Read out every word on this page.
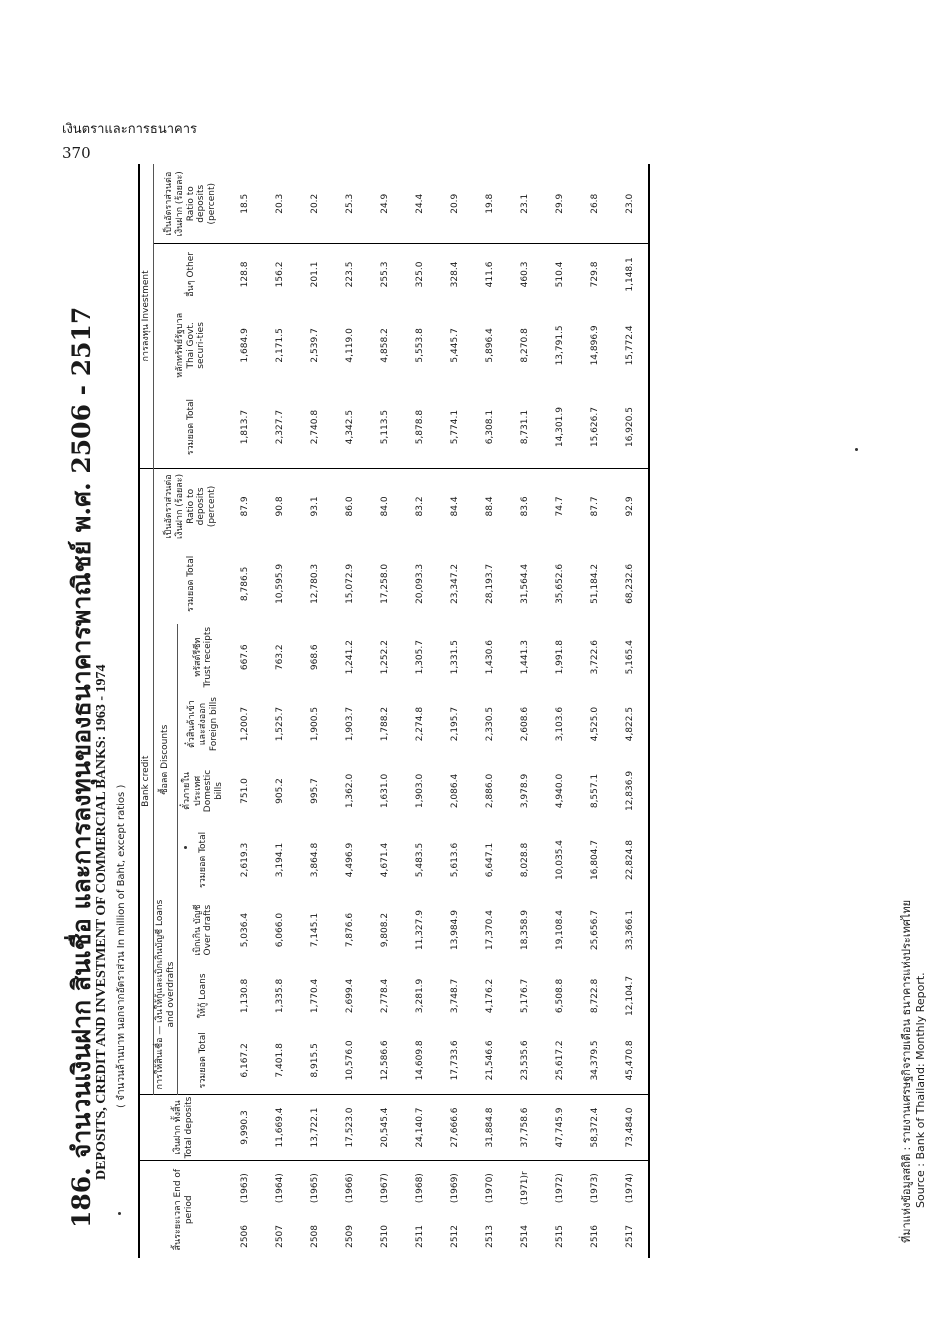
เงินตราและการธนาคาร
370
186. จำนวนเงินฝาก สินเชื่อ และการลงทุนของธนาคารพาณิชย์ พ.ศ. 2506 - 2517
DEPOSITS, CREDIT AND INVESTMENT OF COMMERCIAL BANKS: 1963 - 1974 ( จำนวนล้านบาท นอกจากอัตราส่วน In million of Baht, except ratios )
สิ้นระยะเวลา End of period		เงินฝาก ทั้งสิ้น Total deposits	Bank credit									การลงทุน Investment			
			การให้สินเชื่อ — เงินให้กู้และเบิกเกินบัญชี Loans and overdrafts			ซื้อลด Discounts				รวมยอด Total	เป็นอัตราส่วนต่อเงินฝาก (ร้อยละ) Ratio to deposits (percent)	รวมยอด Total	หลักทรัพย์รัฐบาล Thai Govt. securi-ties	อื่นๆ Other	เป็นอัตราส่วนต่อเงินฝาก (ร้อยละ) Ratio to deposits (percent)
			รวมยอด Total	ให้กู้ Loans	เบิกเกิน บัญชี Over drafts	รวมยอด Total	ตั๋วภายใน ประเทศ Domestic bills	ตั๋วสินค้าเข้า และส่งออก Foreign bills	ทรัสต์รีซีท Trust receipts						
2506	(1963)	9,990.3	6,167.2	1,130.8	5,036.4	2,619.3	751.0	1,200.7	667.6	8,786.5	87.9	1,813.7	1,684.9	128.8	18.5
2507	(1964)	11,669.4	7,401.8	1,335.8	6,066.0	3,194.1	905.2	1,525.7	763.2	10,595.9	90.8	2,327.7	2,171.5	156.2	20.3
2508	(1965)	13,722.1	8,915.5	1,770.4	7,145.1	3,864.8	995.7	1,900.5	968.6	12,780.3	93.1	2,740.8	2,539.7	201.1	20.2
2509	(1966)	17,523.0	10,576.0	2,699.4	7,876.6	4,496.9	1,362.0	1,903.7	1,241.2	15,072.9	86.0	4,342.5	4,119.0	223.5	25.3
2510	(1967)	20,545.4	12,586.6	2,778.4	9,808.2	4,671.4	1,631.0	1,788.2	1,252.2	17,258.0	84.0	5,113.5	4,858.2	255.3	24.9
2511	(1968)	24,140.7	14,609.8	3,281.9	11,327.9	5,483.5	1,903.0	2,274.8	1,305.7	20,093.3	83.2	5,878.8	5,553.8	325.0	24.4
2512	(1969)	27,666.6	17,733.6	3,748.7	13,984.9	5,613.6	2,086.4	2,195.7	1,331.5	23,347.2	84.4	5,774.1	5,445.7	328.4	20.9
2513	(1970)	31,884.8	21,546.6	4,176.2	17,370.4	6,647.1	2,886.0	2,330.5	1,430.6	28,193.7	88.4	6,308.1	5,896.4	411.6	19.8
2514	(1971)r	37,758.6	23,535.6	5,176.7	18,358.9	8,028.8	3,978.9	2,608.6	1,441.3	31,564.4	83.6	8,731.1	8,270.8	460.3	23.1
2515	(1972)	47,745.9	25,617.2	6,508.8	19,108.4	10,035.4	4,940.0	3,103.6	1,991.8	35,652.6	74.7	14,301.9	13,791.5	510.4	29.9
2516	(1973)	58,372.4	34,379.5	8,722.8	25,656.7	16,804.7	8,557.1	4,525.0	3,722.6	51,184.2	87.7	15,626.7	14,896.9	729.8	26.8
2517	(1974)	73,484.0	45,470.8	12,104.7	33,366.1	22,824.8	12,836.9	4,822.5	5,165.4	68,232.6	92.9	16,920.5	15,772.4	1,148.1	23.0
ที่มาแห่งข้อมูลสถิติ : รายงานเศรษฐกิจรายเดือน ธนาคารแห่งประเทศไทย Source : Bank of Thailand: Monthly Report.
